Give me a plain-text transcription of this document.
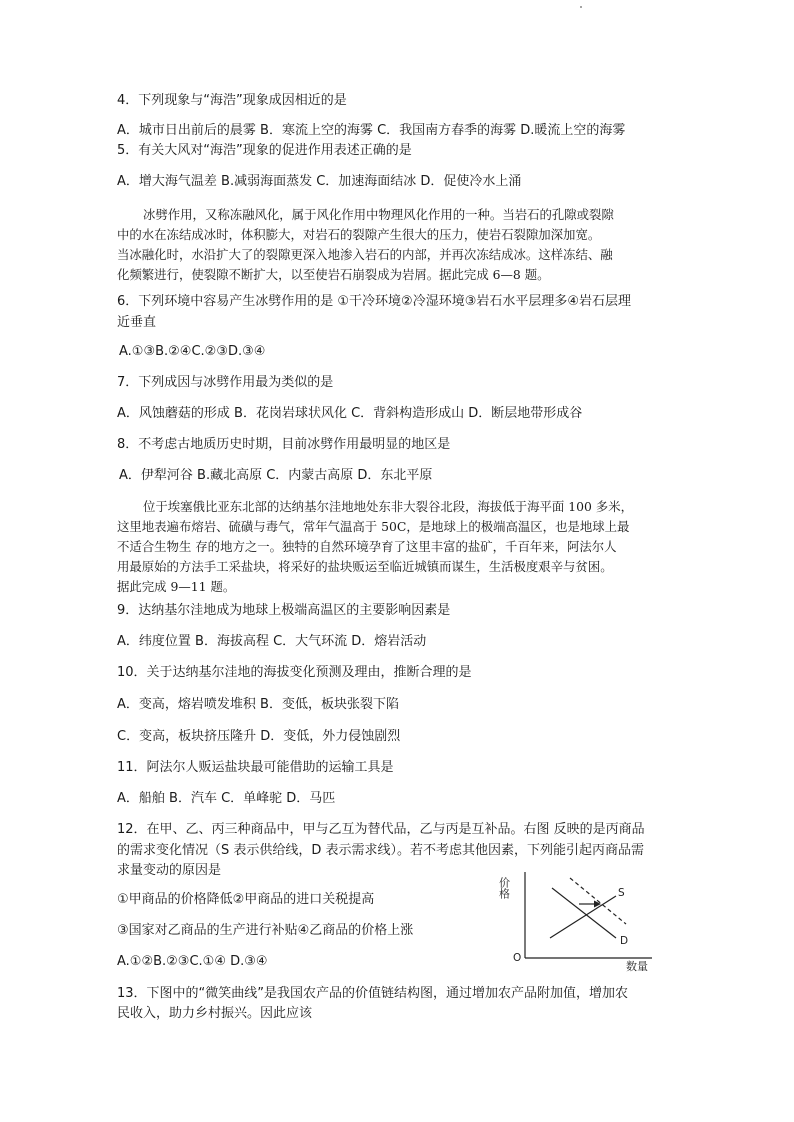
4．下列现象与“海浩”现象成因相近的是
A．城市日出前后的晨雾 B．寒流上空的海雾 C．我国南方春季的海雾 D.暖流上空的海雾
5．有关大风对“海浩”现象的促进作用表述正确的是
A．增大海气温差 B.减弱海面蒸发 C．加速海面结冰 D．促使冷水上涌
冰劈作用，又称冻融风化，属于风化作用中物理风化作用的一种。当岩石的孔隙或裂隙
中的水在冻结成冰时，体积膨大，对岩石的裂隙产生很大的压力，使岩石裂隙加深加宽。
当冰融化时，水沿扩大了的裂隙更深入地渗入岩石的内部，并再次冻结成冰。这样冻结、融
化频繁进行，使裂隙不断扩大，以至使岩石崩裂成为岩屑。据此完成 6—8 题。
6．下列环境中容易产生冰劈作用的是 ①干冷环境②冷湿环境③岩石水平层理多④岩石层理
近垂直
A.①③B.②④C.②③D.③④
7．下列成因与冰劈作用最为类似的是
A．风蚀蘑菇的形成 B．花岗岩球状风化 C．背斜构造形成山 D．断层地带形成谷
8．不考虑古地质历史时期，目前冰劈作用最明显的地区是
A．伊犁河谷 B.藏北高原 C．内蒙古高原 D．东北平原
位于埃塞俄比亚东北部的达纳基尔洼地地处东非大裂谷北段，海拔低于海平面 100 多米，
这里地表遍布熔岩、硫磺与毒气，常年气温高于 50C，是地球上的极端高温区，也是地球上最
不适合生物生 存的地方之一。独特的自然环境孕育了这里丰富的盐矿，千百年来，阿法尔人
用最原始的方法手工采盐块，将采好的盐块贩运至临近城镇而谋生，生活极度艰辛与贫困。
据此完成 9—11 题。
9．达纳基尔洼地成为地球上极端高温区的主要影响因素是
A．纬度位置 B．海拔高程 C．大气环流 D．熔岩活动
10．关于达纳基尔洼地的海拔变化预测及理由，推断合理的是
A．变高，熔岩喷发堆积 B．变低，板块张裂下陷
C．变高，板块挤压隆升 D．变低，外力侵蚀剧烈
11．阿法尔人贩运盐块最可能借助的运输工具是
A．船舶 B．汽车 C．单峰驼 D．马匹
12．在甲、乙、丙三种商品中，甲与乙互为替代品，乙与丙是互补品。右图 反映的是丙商品
的需求变化情况（S 表示供给线，D 表示需求线）。若不考虑其他因素，下列能引起丙商品需
求量变动的原因是
①甲商品的价格降低②甲商品的进口关税提高
③国家对乙商品的生产进行补贴④乙商品的价格上涨
A.①②B.②③C.①④ D.③④
价格	S
D
O
数量
13．下图中的“微笑曲线”是我国农产品的价值链结构图，通过增加农产品附加值，增加农
民收入，助力乡村振兴。因此应该
